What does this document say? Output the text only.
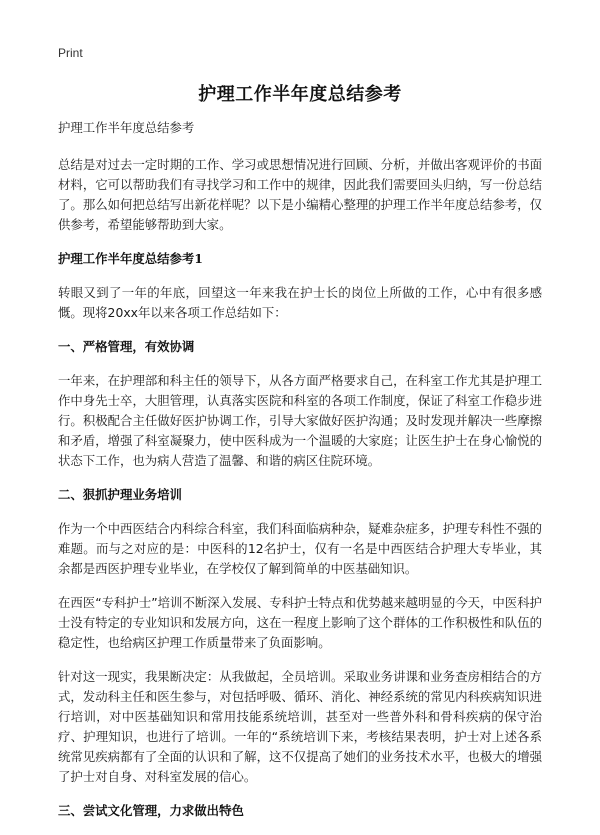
Print
护理工作半年度总结参考

护理工作半年度总结参考

总结是对过去一定时期的工作、学习或思想情况进行回顾、分析，并做出客观评价的书面材料，它可以帮助我们有寻找学习和工作中的规律，因此我们需要回头归纳，写一份总结了。那么如何把总结写出新花样呢？以下是小编精心整理的护理工作半年度总结参考，仅供参考，希望能够帮助到大家。

护理工作半年度总结参考1

转眼又到了一年的年底，回望这一年来我在护士长的岗位上所做的工作，心中有很多感慨。现将20xx年以来各项工作总结如下：

一、严格管理，有效协调

一年来，在护理部和科主任的领导下，从各方面严格要求自己，在科室工作尤其是护理工作中身先士卒，大胆管理，认真落实医院和科室的各项工作制度，保证了科室工作稳步进行。积极配合主任做好医护协调工作，引导大家做好医护沟通；及时发现并解决一些摩擦和矛盾，增强了科室凝聚力，使中医科成为一个温暖的大家庭；让医生护士在身心愉悦的状态下工作，也为病人营造了温馨、和谐的病区住院环境。

二、狠抓护理业务培训

作为一个中西医结合内科综合科室，我们科面临病种杂，疑难杂症多，护理专科性不强的难题。而与之对应的是：中医科的12名护士，仅有一名是中西医结合护理大专毕业，其余都是西医护理专业毕业，在学校仅了解到简单的中医基础知识。

在西医“专科护士”培训不断深入发展、专科护士特点和优势越来越明显的今天，中医科护士没有特定的专业知识和发展方向，这在一程度上影响了这个群体的工作积极性和队伍的稳定性，也给病区护理工作质量带来了负面影响。

针对这一现实，我果断决定：从我做起，全员培训。采取业务讲课和业务查房相结合的方式，发动科主任和医生参与，对包括呼吸、循环、消化、神经系统的常见内科疾病知识进行培训，对中医基础知识和常用技能系统培训，甚至对一些普外科和骨科疾病的保守治疗、护理知识，也进行了培训。一年的“系统培训下来，考核结果表明，护士对上述各系统常见疾病都有了全面的认识和了解，这不仅提高了她们的业务技术水平，也极大的增强了护士对自身、对科室发展的信心。

三、尝试文化管理，力求做出特色
